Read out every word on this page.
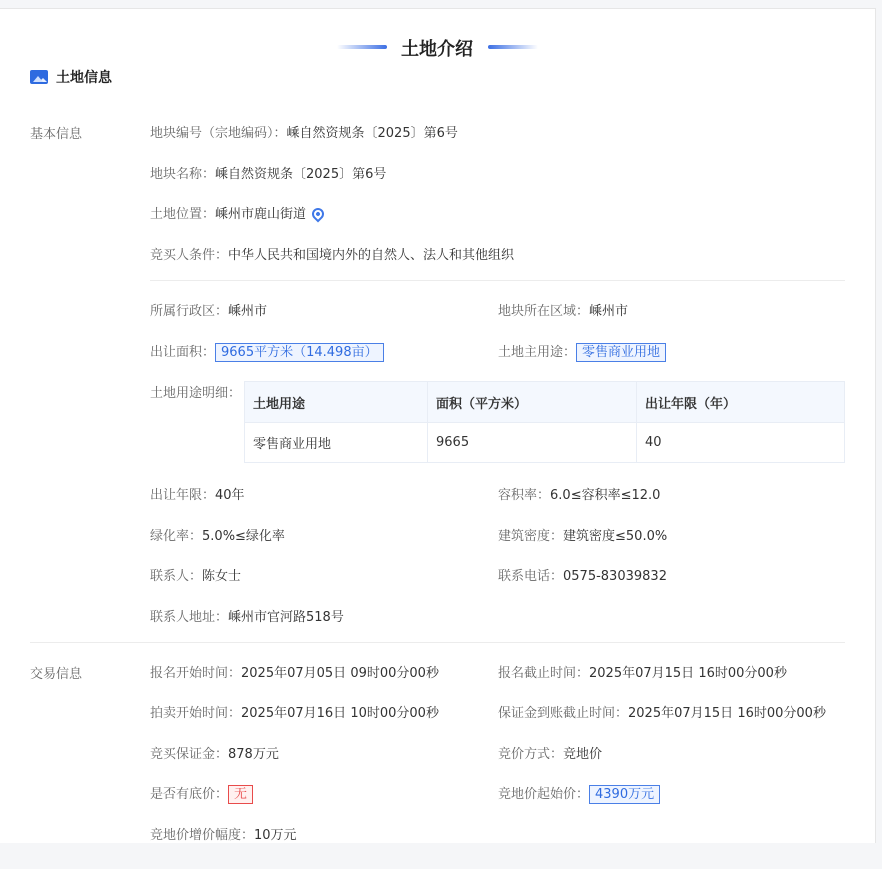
土地介绍
土地信息
基本信息	地块编号（宗地编码）：嵊自然资规条〔2025〕第6号
地块名称：嵊自然资规条〔2025〕第6号
土地位置：嵊州市鹿山街道
竞买人条件：中华人民共和国境内外的自然人、法人和其他组织
所属行政区：嵊州市	地块所在区域：嵊州市
出让面积： 9665平方米（14.498亩）	土地主用途： 零售商业用地
土地用途明细：
土地用途	面积（平方米）	出让年限（年）
零售商业用地	9665	40
出让年限：40年	容积率：6.0≤容积率≤12.0
绿化率：5.0%≤绿化率	建筑密度：建筑密度≤50.0%
联系人：陈女士	联系电话：0575-83039832
联系人地址：嵊州市官河路518号
交易信息	报名开始时间：2025年07月05日 09时00分00秒	报名截止时间：2025年07月15日 16时00分00秒
拍卖开始时间：2025年07月16日 10时00分00秒	保证金到账截止时间：2025年07月15日 16时00分00秒
竞买保证金：878万元	竞价方式：竞地价
是否有底价： 无	竞地价起始价： 4390万元
竞地价增价幅度：10万元
